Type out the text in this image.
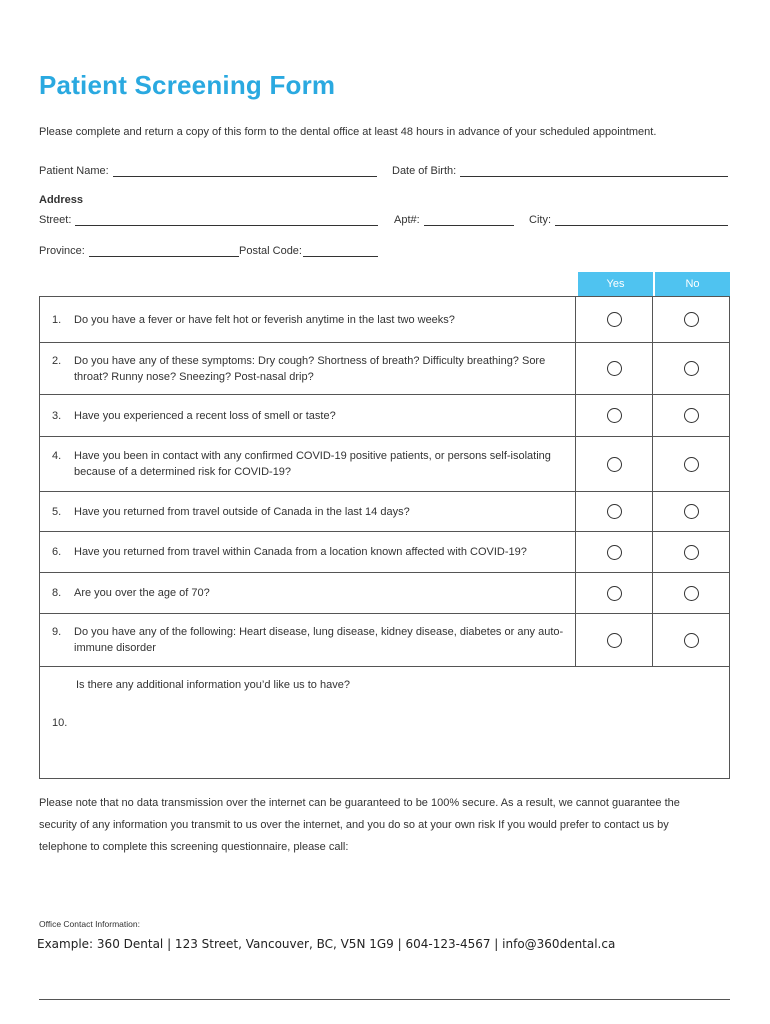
Patient Screening Form
Please complete and return a copy of this form to the dental office at least 48 hours in advance of your scheduled appointment.
Patient Name:	Date of Birth:
Address
Street:	Apt#:	City:
Province:	Postal Code:
Yes	No
1.	Do you have a fever or have felt hot or feverish anytime in the last two weeks?
2.	Do you have any of these symptoms: Dry cough? Shortness of breath? Difficulty breathing? Sore throat? Runny nose? Sneezing? Post-nasal drip?
3.	Have you experienced a recent loss of smell or taste?
4.	Have you been in contact with any confirmed COVID-19 positive patients, or persons self-isolating because of a determined risk for COVID-19?
5.	Have you returned from travel outside of Canada in the last 14 days?
6.	Have you returned from travel within Canada from a location known affected with COVID-19?
8.	Are you over the age of 70?
9.	Do you have any of the following: Heart disease, lung disease, kidney disease, diabetes or any auto-immune disorder
10.
Is there any additional information you’d like us to have?
Please note that no data transmission over the internet can be guaranteed to be 100% secure. As a result, we cannot guarantee the security of any information you transmit to us over the internet, and you do so at your own risk If you would prefer to contact us by telephone to complete this screening questionnaire, please call:
Office Contact Information:
Example: 360 Dental | 123 Street, Vancouver, BC, V5N 1G9 | 604-123-4567 | info@360dental.ca
